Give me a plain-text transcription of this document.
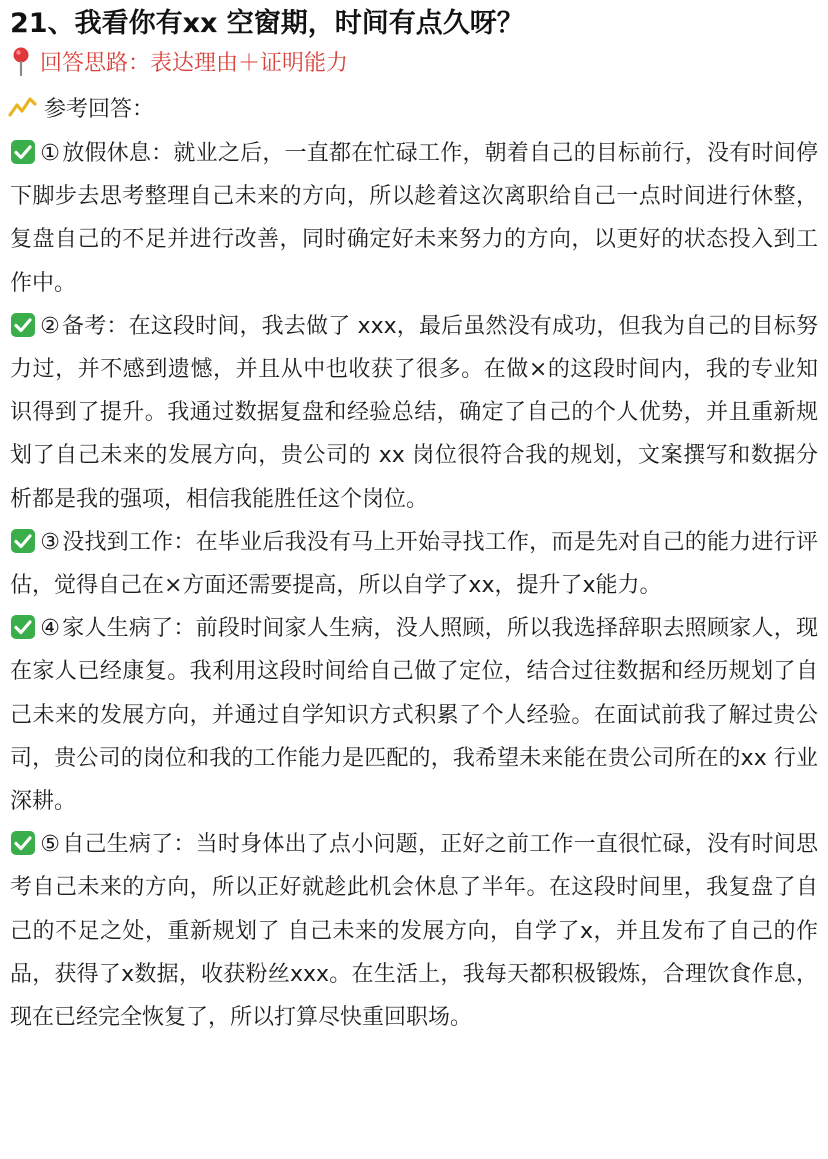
21、我看你有xx 空窗期，时间有点久呀？
回答思路：表达理由＋证明能力
参考回答：

①放假休息：就业之后，一直都在忙碌工作，朝着自己的目标前行，没有时间停下脚步去思考整理自己未来的方向，所以趁着这次离职给自己一点时间进行休整，复盘自己的不足并进行改善，同时确定好未来努力的方向，以更好的状态投入到工作中。

②备考：在这段时间，我去做了 xxx，最后虽然没有成功，但我为自己的目标努力过，并不感到遗憾，并且从中也收获了很多。在做×的这段时间内，我的专业知识得到了提升。我通过数据复盘和经验总结，确定了自己的个人优势，并且重新规划了自己未来的发展方向，贵公司的 xx 岗位很符合我的规划，文案撰写和数据分析都是我的强项，相信我能胜任这个岗位。

③没找到工作：在毕业后我没有马上开始寻找工作，而是先对自己的能力进行评估，觉得自己在×方面还需要提高，所以自学了xx，提升了x能力。

④家人生病了：前段时间家人生病，没人照顾，所以我选择辞职去照顾家人，现在家人已经康复。我利用这段时间给自己做了定位，结合过往数据和经历规划了自己未来的发展方向，并通过自学知识方式积累了个人经验。在面试前我了解过贵公司，贵公司的岗位和我的工作能力是匹配的，我希望未来能在贵公司所在的xx 行业深耕。

⑤自己生病了：当时身体出了点小问题，正好之前工作一直很忙碌，没有时间思考自己未来的方向，所以正好就趁此机会休息了半年。在这段时间里，我复盘了自己的不足之处，重新规划了 自己未来的发展方向，自学了x，并且发布了自己的作品，获得了x数据，收获粉丝xxx。在生活上，我每天都积极锻炼，合理饮食作息，现在已经完全恢复了，所以打算尽快重回职场。
